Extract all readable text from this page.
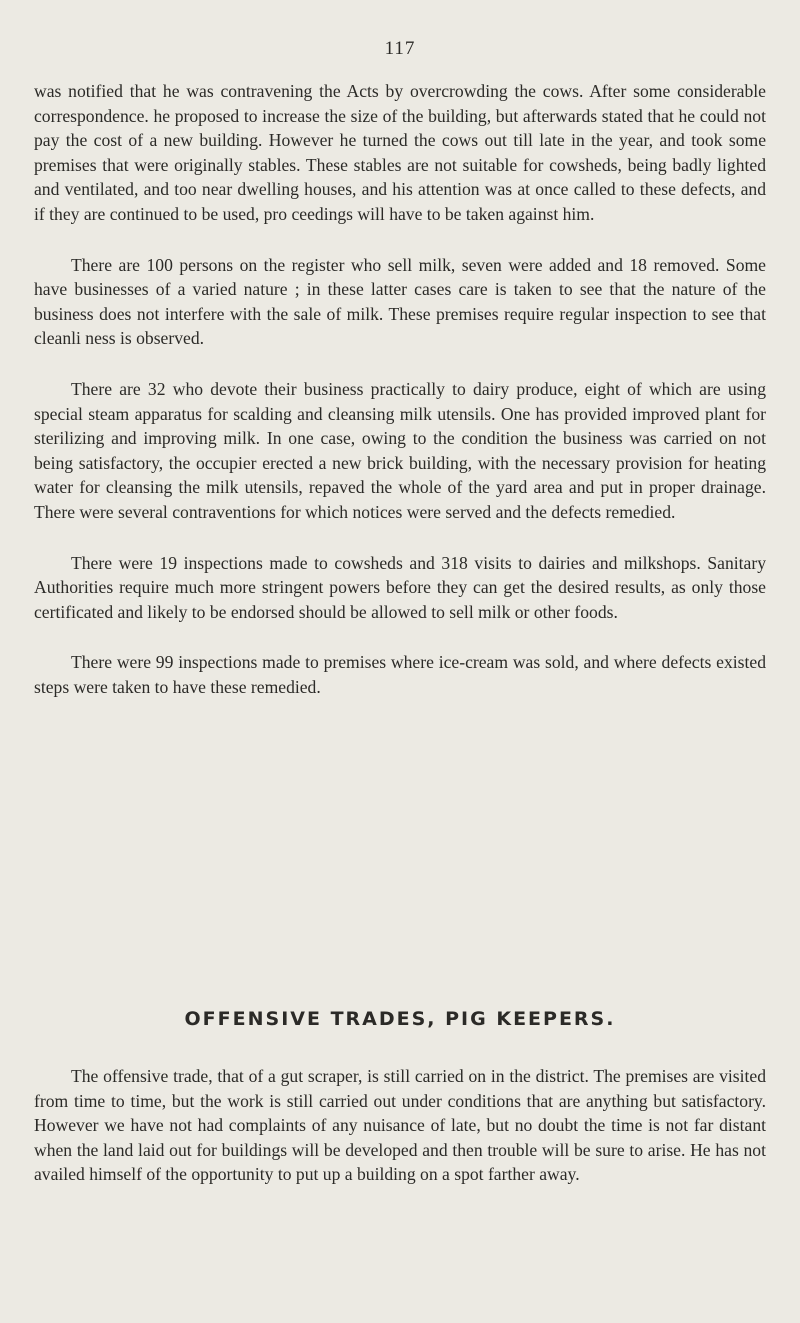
117

was notified that he was contravening the Acts by overcrowding the cows. After some considerable correspondence. he proposed to increase the size of the building, but afterwards stated that he could not pay the cost of a new building. However he turned the cows out till late in the year, and took some premises that were originally stables. These stables are not suitable for cowsheds, being badly lighted and ventilated, and too near dwelling houses, and his attention was at once called to these defects, and if they are continued to be used, pro ceedings will have to be taken against him.

There are 100 persons on the register who sell milk, seven were added and 18 removed. Some have businesses of a varied nature ; in these latter cases care is taken to see that the nature of the business does not interfere with the sale of milk. These premises require regular inspection to see that cleanli ness is observed.

There are 32 who devote their business practically to dairy produce, eight of which are using special steam apparatus for scalding and cleansing milk utensils. One has provided improved plant for sterilizing and improving milk. In one case, owing to the condition the business was carried on not being satisfactory, the occupier erected a new brick building, with the necessary provision for heating water for cleansing the milk utensils, repaved the whole of the yard area and put in proper drainage. There were several contraventions for which notices were served and the defects remedied.

There were 19 inspections made to cowsheds and 318 visits to dairies and milkshops. Sanitary Authorities require much more stringent powers before they can get the desired results, as only those certificated and likely to be endorsed should be allowed to sell milk or other foods.

There were 99 inspections made to premises where ice-cream was sold, and where defects existed steps were taken to have these remedied.

OFFENSIVE TRADES, PIG KEEPERS.

The offensive trade, that of a gut scraper, is still carried on in the district. The premises are visited from time to time, but the work is still carried out under conditions that are anything but satisfactory. However we have not had complaints of any nuisance of late, but no doubt the time is not far distant when the land laid out for buildings will be developed and then trouble will be sure to arise. He has not availed himself of the opportunity to put up a building on a spot farther away.
